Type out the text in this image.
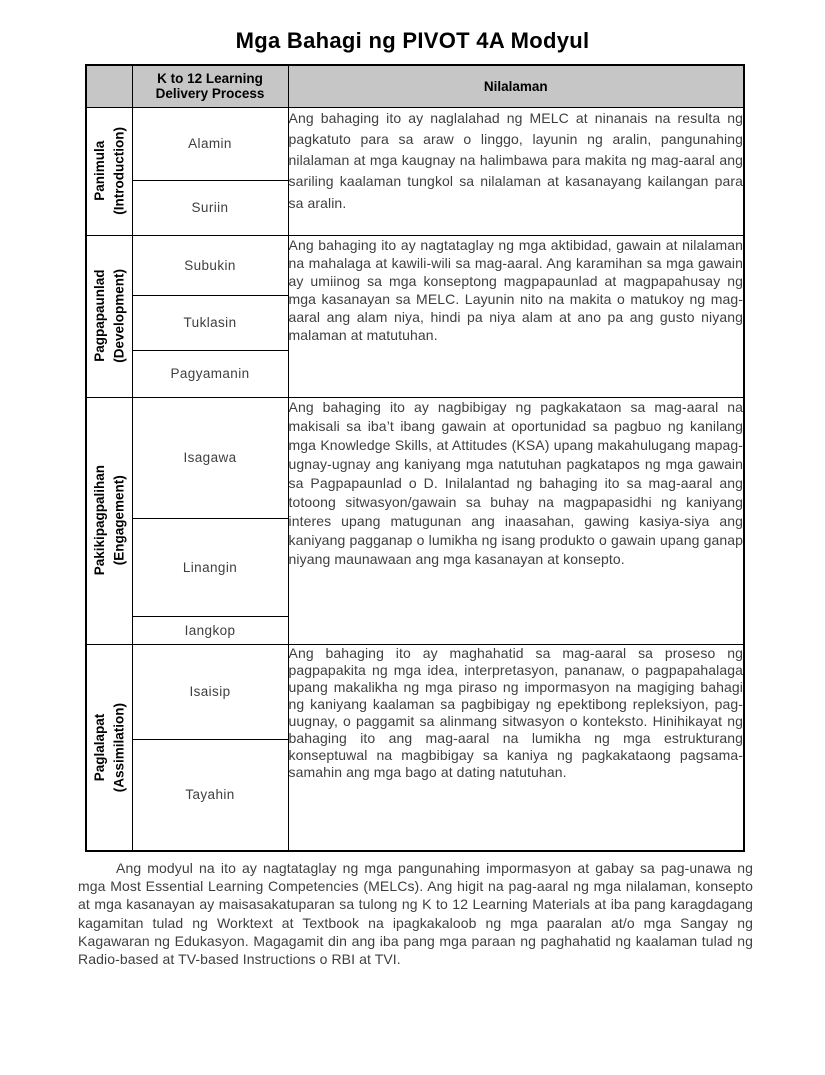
Mga Bahagi ng PIVOT 4A Modyul
	K to 12 Learning Delivery Process	Nilalaman

Panimula (Introduction)	Alamin	Ang bahaging ito ay naglalahad ng MELC at ninanais na resulta ng pagkatuto para sa araw o linggo, layunin ng aralin, pangunahing nilalaman at mga kaugnay na halimbawa para makita ng mag-aaral ang sariling kaalaman tungkol sa nilalaman at kasanayang kailangan para sa aralin.
	Suriin	

Pagpapaunlad (Development)	Subukin	Ang bahaging ito ay nagtataglay ng mga aktibidad, gawain at nilalaman na mahalaga at kawili-wili sa mag-aaral. Ang karamihan sa mga gawain ay umiinog sa mga konseptong magpapaunlad at magpapahusay ng mga kasanayan sa MELC. Layunin nito na makita o matukoy ng mag-aaral ang alam niya, hindi pa niya alam at ano pa ang gusto niyang malaman at matutuhan.
	Tuklasin	
	Pagyamanin	

Pakikipagpalihan (Engagement)	Isagawa	Ang bahaging ito ay nagbibigay ng pagkakataon sa mag-aaral na makisali sa iba’t ibang gawain at oportunidad sa pagbuo ng kanilang mga Knowledge Skills, at Attitudes (KSA) upang makahulugang mapag-ugnay-ugnay ang kaniyang mga natutuhan pagkatapos ng mga gawain sa Pagpapaunlad o D. Inilalantad ng bahaging ito sa mag-aaral ang totoong sitwasyon/gawain sa buhay na magpapasidhi ng kaniyang interes upang matugunan ang inaasahan, gawing kasiya-siya ang kaniyang pagganap o lumikha ng isang produkto o gawain upang ganap niyang maunawaan ang mga kasanayan at konsepto.
	Linangin	
	Iangkop	

Paglalapat (Assimilation)	Isaisip	Ang bahaging ito ay maghahatid sa mag-aaral sa proseso ng pagpapakita ng mga idea, interpretasyon, pananaw, o pagpapahalaga upang makalikha ng mga piraso ng impormasyon na magiging bahagi ng kaniyang kaalaman sa pagbibigay ng epektibong repleksiyon, pag-uugnay, o paggamit sa alinmang sitwasyon o konteksto. Hinihikayat ng bahaging ito ang mag-aaral na lumikha ng mga estrukturang konseptuwal na magbibigay sa kaniya ng pagkakataong pagsama-samahin ang mga bago at dating natutuhan.
	Tayahin	

Ang modyul na ito ay nagtataglay ng mga pangunahing impormasyon at gabay sa pag-unawa ng mga Most Essential Learning Competencies (MELCs). Ang higit na pag-aaral ng mga nilalaman, konsepto at mga kasanayan ay maisasakatuparan sa tulong ng K to 12 Learning Materials at iba pang karagdagang kagamitan tulad ng Worktext at Textbook na ipagkakaloob ng mga paaralan at/o mga Sangay ng Kagawaran ng Edukasyon. Magagamit din ang iba pang mga paraan ng paghahatid ng kaalaman tulad ng Radio-based at TV-based Instructions o RBI at TVI.
